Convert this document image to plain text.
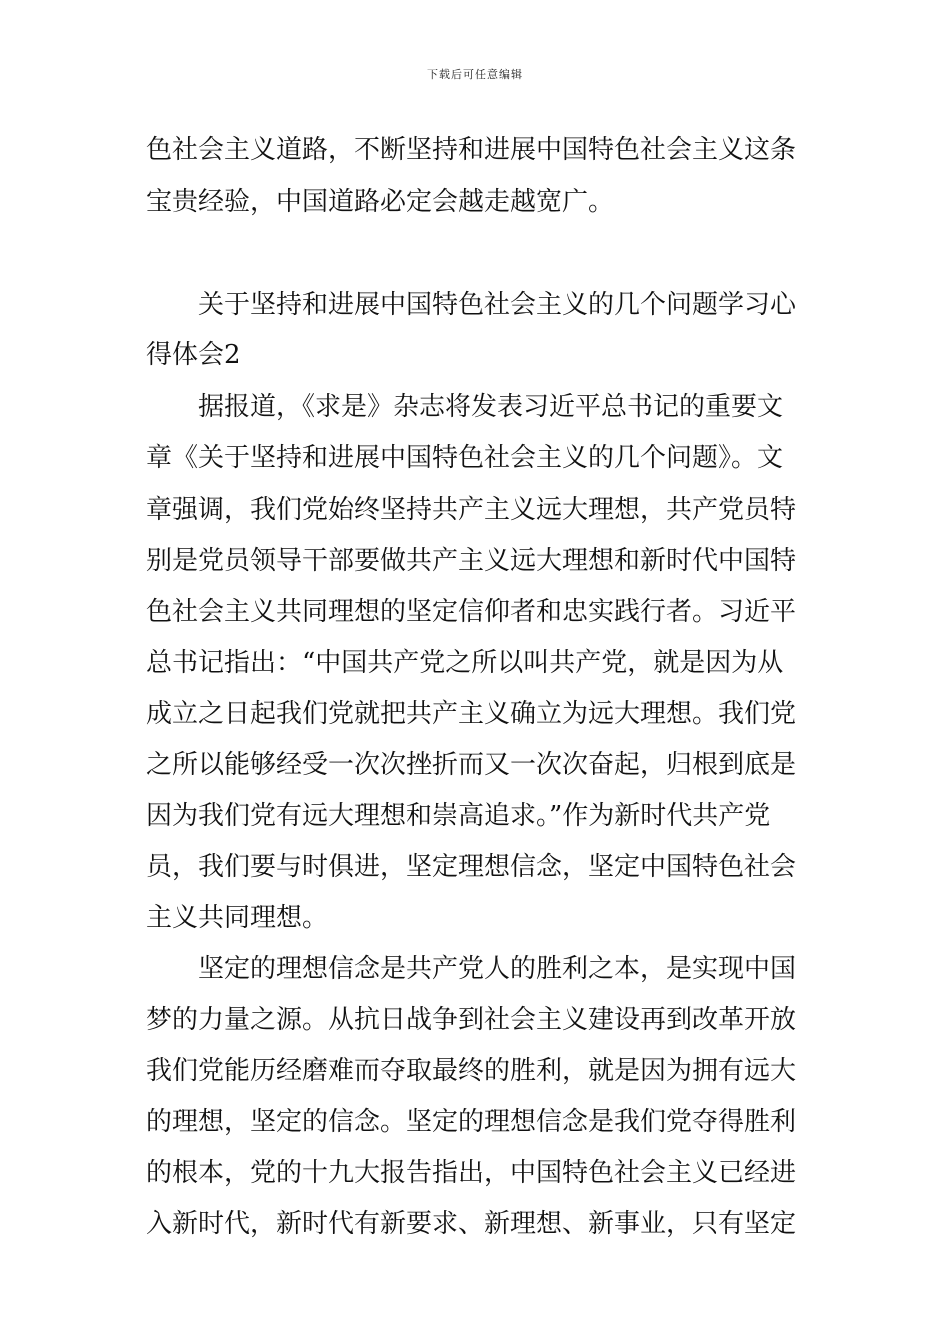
下载后可任意编辑
色社会主义道路，不断坚持和进展中国特色社会主义这条
宝贵经验，中国道路必定会越走越宽广。
关于坚持和进展中国特色社会主义的几个问题学习心
得体会2
据报道，《求是》杂志将发表习近平总书记的重要文
章《关于坚持和进展中国特色社会主义的几个问题》。文
章强调，我们党始终坚持共产主义远大理想，共产党员特
别是党员领导干部要做共产主义远大理想和新时代中国特
色社会主义共同理想的坚定信仰者和忠实践行者。习近平
总书记指出：“中国共产党之所以叫共产党，就是因为从
成立之日起我们党就把共产主义确立为远大理想。我们党
之所以能够经受一次次挫折而又一次次奋起，归根到底是
因为我们党有远大理想和崇高追求。”作为新时代共产党
员，我们要与时俱进，坚定理想信念，坚定中国特色社会
主义共同理想。
坚定的理想信念是共产党人的胜利之本，是实现中国
梦的力量之源。从抗日战争到社会主义建设再到改革开放
我们党能历经磨难而夺取最终的胜利，就是因为拥有远大
的理想，坚定的信念。坚定的理想信念是我们党夺得胜利
的根本，党的十九大报告指出，中国特色社会主义已经进
入新时代，新时代有新要求、新理想、新事业，只有坚定
